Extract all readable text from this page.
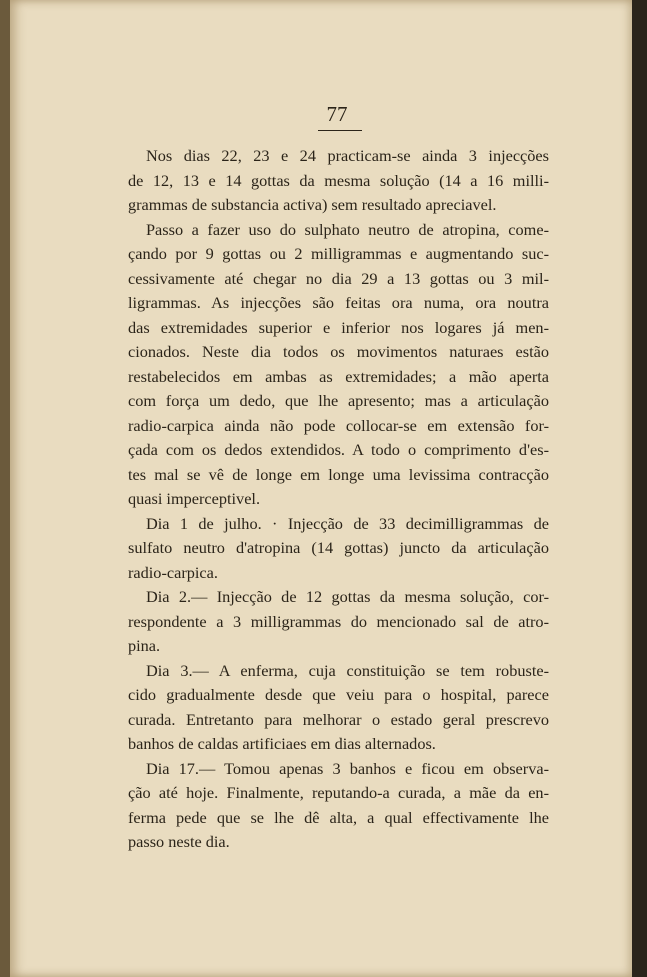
77
Nos dias 22, 23 e 24 practicam-se ainda 3 injecções
de 12, 13 e 14 gottas da mesma solução (14 a 16 milli-
grammas de substancia activa) sem resultado apreciavel.
Passo a fazer uso do sulphato neutro de atropina, come-
çando por 9 gottas ou 2 milligrammas e augmentando suc-
cessivamente até chegar no dia 29 a 13 gottas ou 3 mil-
ligrammas. As injecções são feitas ora numa, ora noutra
das extremidades superior e inferior nos logares já men-
cionados. Neste dia todos os movimentos naturaes estão
restabelecidos em ambas as extremidades; a mão aperta
com força um dedo, que lhe apresento; mas a articulação
radio-carpica ainda não pode collocar-se em extensão for-
çada com os dedos extendidos. A todo o comprimento d'es-
tes mal se vê de longe em longe uma levissima contracção
quasi imperceptivel.
Dia 1 de julho. · Injecção de 33 decimilligrammas de
sulfato neutro d'atropina (14 gottas) juncto da articulação
radio-carpica.
Dia 2.— Injecção de 12 gottas da mesma solução, cor-
respondente a 3 milligrammas do mencionado sal de atro-
pina.
Dia 3.— A enferma, cuja constituição se tem robuste-
cido gradualmente desde que veiu para o hospital, parece
curada. Entretanto para melhorar o estado geral prescrevo
banhos de caldas artificiaes em dias alternados.
Dia 17.— Tomou apenas 3 banhos e ficou em observa-
ção até hoje. Finalmente, reputando-a curada, a mãe da en-
ferma pede que se lhe dê alta, a qual effectivamente lhe
passo neste dia.
